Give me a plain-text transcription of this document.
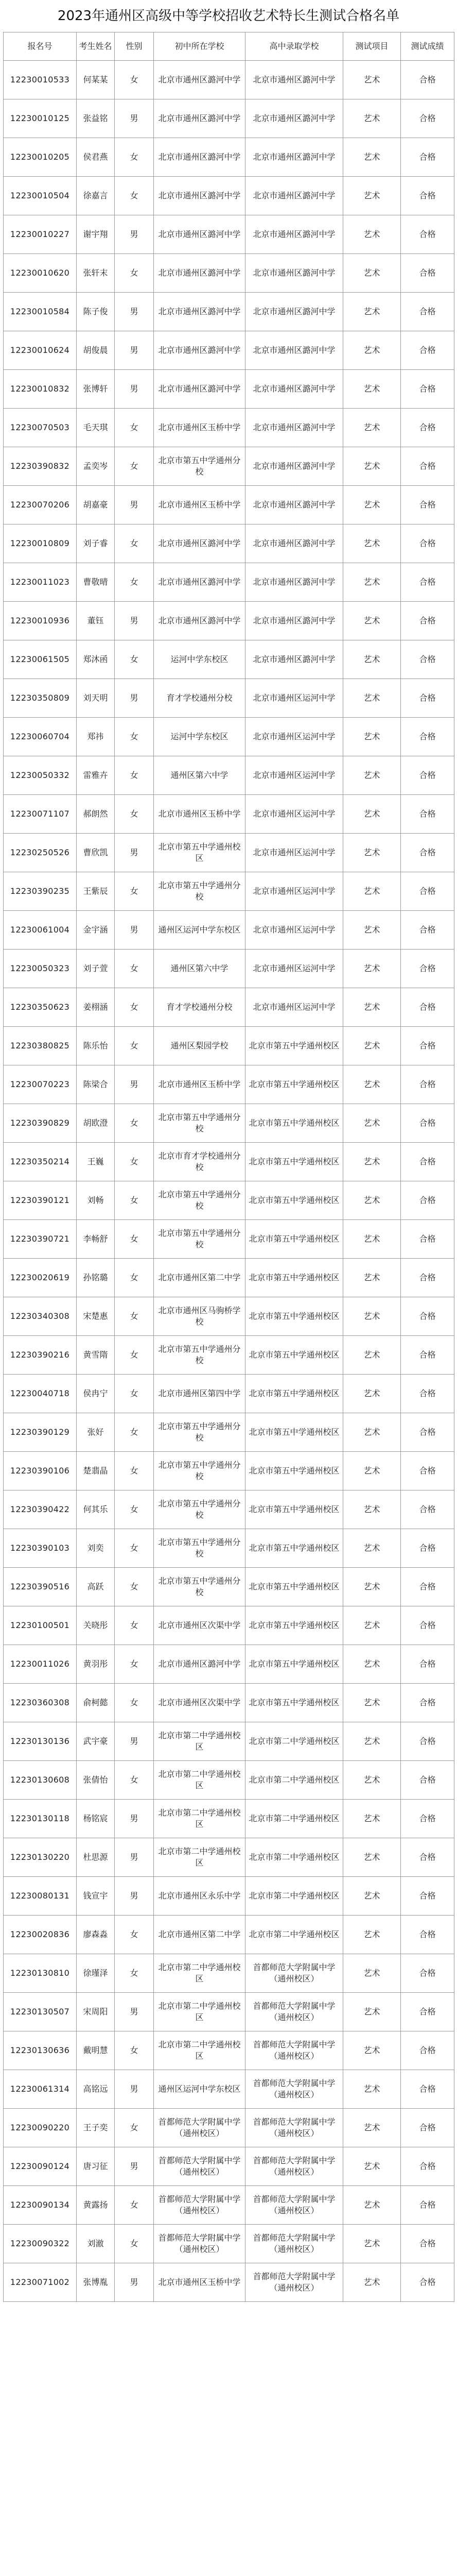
2023年通州区高级中等学校招收艺术特长生测试合格名单
报名号	考生姓名	性别	初中所在学校	高中录取学校	测试项目	测试成绩
12230010533	何某某	女	北京市通州区潞河中学	北京市通州区潞河中学	艺术	合格
12230010125	张益铭	男	北京市通州区潞河中学	北京市通州区潞河中学	艺术	合格
12230010205	侯君燕	女	北京市通州区潞河中学	北京市通州区潞河中学	艺术	合格
12230010504	徐嘉言	女	北京市通州区潞河中学	北京市通州区潞河中学	艺术	合格
12230010227	谢宇翔	男	北京市通州区潞河中学	北京市通州区潞河中学	艺术	合格
12230010620	张轩末	女	北京市通州区潞河中学	北京市通州区潞河中学	艺术	合格
12230010584	陈子俊	男	北京市通州区潞河中学	北京市通州区潞河中学	艺术	合格
12230010624	胡俊晨	男	北京市通州区潞河中学	北京市通州区潞河中学	艺术	合格
12230010832	张博轩	男	北京市通州区潞河中学	北京市通州区潞河中学	艺术	合格
12230070503	毛天琪	女	北京市通州区玉桥中学	北京市通州区潞河中学	艺术	合格
12230390832	孟奕岑	女	北京市第五中学通州分校	北京市通州区潞河中学	艺术	合格
12230070206	胡嘉豪	男	北京市通州区玉桥中学	北京市通州区潞河中学	艺术	合格
12230010809	刘子睿	女	北京市通州区潞河中学	北京市通州区潞河中学	艺术	合格
12230011023	曹敬晴	女	北京市通州区潞河中学	北京市通州区潞河中学	艺术	合格
12230010936	董钰	男	北京市通州区潞河中学	北京市通州区潞河中学	艺术	合格
12230061505	郑沐函	女	运河中学东校区	北京市通州区潞河中学	艺术	合格
12230350809	刘天明	男	育才学校通州分校	北京市通州区运河中学	艺术	合格
12230060704	郑祎	女	运河中学东校区	北京市通州区运河中学	艺术	合格
12230050332	雷雅卉	女	通州区第六中学	北京市通州区运河中学	艺术	合格
12230071107	郝朗然	女	北京市通州区玉桥中学	北京市通州区运河中学	艺术	合格
12230250526	曹欣凯	男	北京市第五中学通州校区	北京市通州区运河中学	艺术	合格
12230390235	王紫辰	女	北京市第五中学通州分校	北京市通州区运河中学	艺术	合格
12230061004	金宇涵	男	通州区运河中学东校区	北京市通州区运河中学	艺术	合格
12230050323	刘子萱	女	通州区第六中学	北京市通州区运河中学	艺术	合格
12230350623	姜栩涵	女	育才学校通州分校	北京市通州区运河中学	艺术	合格
12230380825	陈乐怡	女	通州区梨园学校	北京市第五中学通州校区	艺术	合格
12230070223	陈梁合	男	北京市通州区玉桥中学	北京市第五中学通州校区	艺术	合格
12230390829	胡欧澄	女	北京市第五中学通州分校	北京市第五中学通州校区	艺术	合格
12230350214	王巍	女	北京市育才学校通州分校	北京市第五中学通州校区	艺术	合格
12230390121	刘畅	女	北京市第五中学通州分校	北京市第五中学通州校区	艺术	合格
12230390721	李畅舒	女	北京市第五中学通州分校	北京市第五中学通州校区	艺术	合格
12230020619	孙铭璐	女	北京市通州区第二中学	北京市第五中学通州校区	艺术	合格
12230340308	宋楚惠	女	北京市通州区马驹桥学校	北京市第五中学通州校区	艺术	合格
12230390216	黄雪隋	女	北京市第五中学通州分校	北京市第五中学通州校区	艺术	合格
12230040718	侯冉宁	女	北京市通州区第四中学	北京市第五中学通州校区	艺术	合格
12230390129	张好	女	北京市第五中学通州分校	北京市第五中学通州校区	艺术	合格
12230390106	楚翡晶	女	北京市第五中学通州分校	北京市第五中学通州校区	艺术	合格
12230390422	何其乐	女	北京市第五中学通州分校	北京市第五中学通州校区	艺术	合格
12230390103	刘奕	女	北京市第五中学通州分校	北京市第五中学通州校区	艺术	合格
12230390516	高跃	女	北京市第五中学通州分校	北京市第五中学通州校区	艺术	合格
12230100501	关晓彤	女	北京市通州区次渠中学	北京市第五中学通州校区	艺术	合格
12230011026	黄羽彤	女	北京市通州区潞河中学	北京市第五中学通州校区	艺术	合格
12230360308	俞柯懿	女	北京市通州区次渠中学	北京市第五中学通州校区	艺术	合格
12230130136	武宇豪	男	北京市第二中学通州校区	北京市第二中学通州校区	艺术	合格
12230130608	张倩怡	女	北京市第二中学通州校区	北京市第二中学通州校区	艺术	合格
12230130118	杨铭宸	男	北京市第二中学通州校区	北京市第二中学通州校区	艺术	合格
12230130220	杜思源	男	北京市第二中学通州校区	北京市第二中学通州校区	艺术	合格
12230080131	钱宣宇	男	北京市通州区永乐中学	北京市第二中学通州校区	艺术	合格
12230020836	廖森淼	女	北京市通州区第二中学	北京市第二中学通州校区	艺术	合格
12230130810	徐瑾泽	女	北京市第二中学通州校区	首都师范大学附属中学（通州校区）	艺术	合格
12230130507	宋周阳	男	北京市第二中学通州校区	首都师范大学附属中学（通州校区）	艺术	合格
12230130636	戴明慧	女	北京市第二中学通州校区	首都师范大学附属中学（通州校区）	艺术	合格
12230061314	高铭远	男	通州区运河中学东校区	首都师范大学附属中学（通州校区）	艺术	合格
12230090220	王子奕	女	首都师范大学附属中学（通州校区）	首都师范大学附属中学（通州校区）	艺术	合格
12230090124	唐习征	男	首都师范大学附属中学（通州校区）	首都师范大学附属中学（通州校区）	艺术	合格
12230090134	黄露扬	女	首都师范大学附属中学（通州校区）	首都师范大学附属中学（通州校区）	艺术	合格
12230090322	刘澈	女	首都师范大学附属中学（通州校区）	首都师范大学附属中学（通州校区）	艺术	合格
12230071002	张博胤	男	北京市通州区玉桥中学	首都师范大学附属中学（通州校区）	艺术	合格
